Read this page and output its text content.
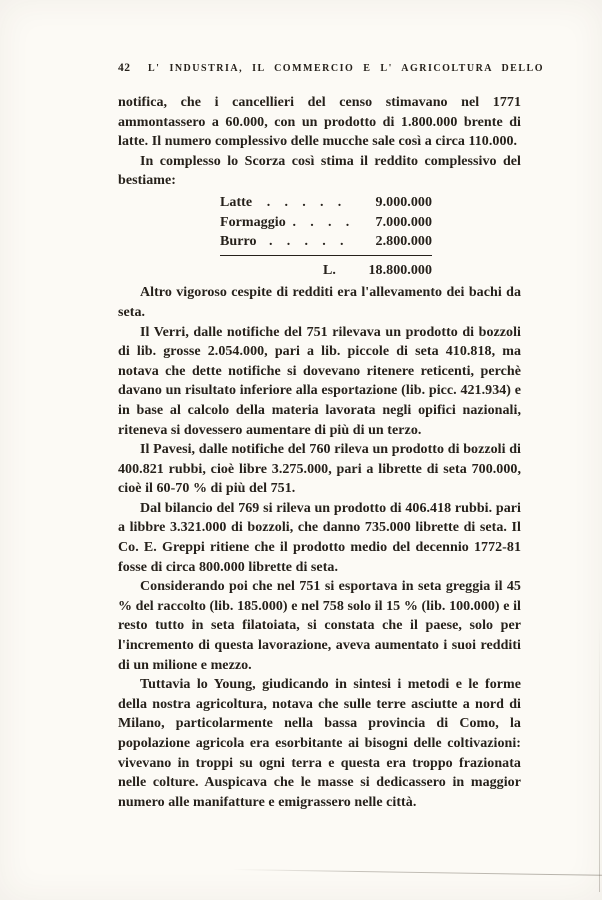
42 L' INDUSTRIA, IL COMMERCIO E L' AGRICOLTURA DELLO

notifica, che i cancellieri del censo stimavano nel 1771 ammontassero a 60.000, con un prodotto di 1.800.000 brente di latte. Il numero complessivo delle mucche sale così a circa 110.000.

In complesso lo Scorza così stima il reddito complessivo del bestiame:

Latte	.    .    .    .    .	9.000.000
Formaggio .    .    .    .	7.000.000
Burro .    .    .    .    .	2.800.000
L.	18.800.000

Altro vigoroso cespite di redditi era l'allevamento dei bachi da seta.

Il Verri, dalle notifiche del 751 rilevava un prodotto di bozzoli di lib. grosse 2.054.000, pari a lib. piccole di seta 410.818, ma notava che dette notifiche si dovevano ritenere reticenti, perchè davano un risultato inferiore alla esportazione (lib. picc. 421.934) e in base al calcolo della materia lavorata negli opifici nazionali, riteneva si dovessero aumentare di più di un terzo.

Il Pavesi, dalle notifiche del 760 rileva un prodotto di bozzoli di 400.821 rubbi, cioè libre 3.275.000, pari a librette di seta 700.000, cioè il 60-70 % di più del 751.

Dal bilancio del 769 si rileva un prodotto di 406.418 rubbi. pari a libbre 3.321.000 di bozzoli, che danno 735.000 librette di seta. Il Co. E. Greppi ritiene che il prodotto medio del decennio 1772-81 fosse di circa 800.000 librette di seta.

Considerando poi che nel 751 si esportava in seta greggia il 45 % del raccolto (lib. 185.000) e nel 758 solo il 15 % (lib. 100.000) e il resto tutto in seta filatoiata, si constata che il paese, solo per l'incremento di questa lavorazione, aveva aumentato i suoi redditi di un milione e mezzo.

Tuttavia lo Young, giudicando in sintesi i metodi e le forme della nostra agricoltura, notava che sulle terre asciutte a nord di Milano, particolarmente nella bassa provincia di Como, la popolazione agricola era esorbitante ai bisogni delle coltivazioni: vivevano in troppi su ogni terra e questa era troppo frazionata nelle colture. Auspicava che le masse si dedicassero in maggior numero alle manifatture e emigrassero nelle città.
